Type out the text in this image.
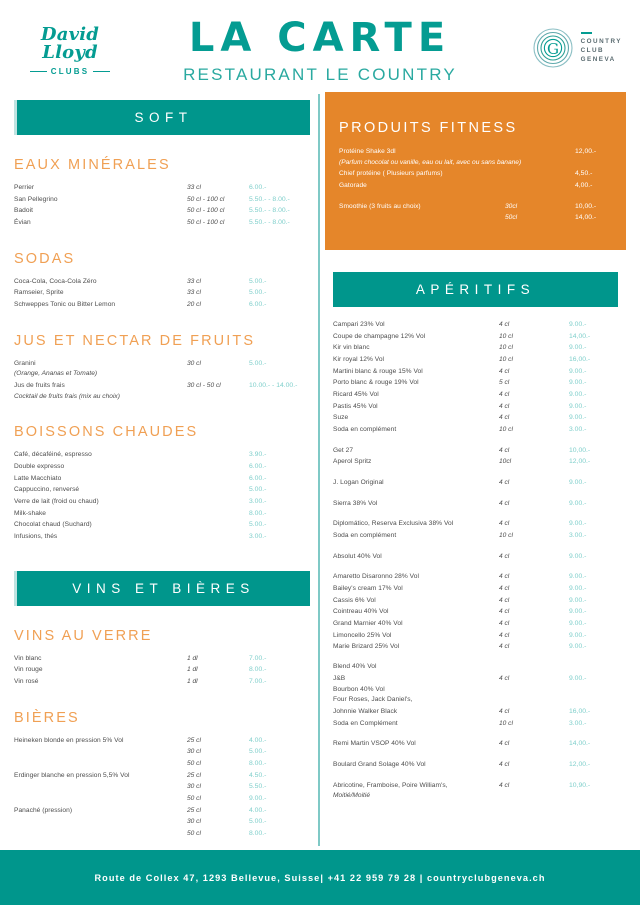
David Lloyd
CLUBS
LA CARTE
RESTAURANT LE COUNTRY
G	COUNTRY
CLUB
GENEVA
SOFT
EAUX MINÉRALES
Perrier	33 cl	6.00.-
San Pellegrino	50 cl - 100 cl	5.50.- - 8.00.-
Badoit	50 cl - 100 cl	5.50.- - 8.00.-
Évian	50 cl - 100 cl	5.50.- - 8.00.-
SODAS
Coca-Cola, Coca-Cola Zéro	33 cl	5.00.-
Ramseier, Sprite	33 cl	5.00.-
Schweppes Tonic ou Bitter Lemon	20 cl	6.00.-
JUS ET NECTAR DE FRUITS
Granini	30 cl	5.00.-
(Orange, Ananas et Tomate)
Jus de fruits frais	30 cl - 50 cl	10.00.- - 14.00.-
Cocktail de fruits frais (mix au choix)
BOISSONS CHAUDES
Café, décaféiné, espresso	3.90.-
Double expresso	6.00.-
Latte Macchiato	6.00.-
Cappuccino, renversé	5.00.-
Verre de lait (froid ou chaud)	3.00.-
Milk-shake	8.00.-
Chocolat chaud (Suchard)	5.00.-
Infusions, thés	3.00.-
VINS ET BIÈRES
VINS AU VERRE
Vin blanc	1 dl	7.00.-
Vin rouge	1 dl	8.00.-
Vin rosé	1 dl	7.00.-
BIÈRES
Heineken blonde en pression 5% Vol	25 cl	4.00.-
30 cl	5.00.-
50 cl	8.00.-
Erdinger blanche en pression 5,5% Vol	25 cl	4.50.-
30 cl	5.50.-
50 cl	9.00.-
Panaché (pression)	25 cl	4.00.-
30 cl	5.00.-
50 cl	8.00.-
PRODUITS FITNESS
Protéine Shake 3dl	12,00.-
(Parfum chocolat ou vanille, eau ou lait, avec ou sans banane)
Chief protéine ( Plusieurs parfums)	4,50.-
Gatorade	4,00.-
Smoothie (3 fruits au choix)	30cl	10,00.-
50cl	14,00.-
APÉRITIFS
Campari 23% Vol	4 cl	9.00.-
Coupe de champagne 12% Vol	10 cl	14,00.-
Kir vin blanc	10 cl	9.00.-
Kir royal 12% Vol	10 cl	16,00.-
Martini blanc & rouge 15% Vol	4 cl	9.00.-
Porto blanc & rouge 19% Vol	5 cl	9.00.-
Ricard 45% Vol	4 cl	9.00.-
Pastis 45% Vol	4 cl	9.00.-
Suze	4 cl	9.00.-
Soda en complément	10 cl	3.00.-
Get 27	4 cl	10,00.-
Aperol Spritz	10cl	12,00.-
J. Logan Original	4 cl	9.00.-
Sierra 38% Vol	4 cl	9.00.-
Diplomático, Reserva Exclusiva 38% Vol	4 cl	9.00.-
Soda en complément	10 cl	3.00.-
Absolut 40% Vol	4 cl	9.00.-
Amaretto Disaronno 28% Vol	4 cl	9.00.-
Bailey's cream 17% Vol	4 cl	9.00.-
Cassis 6% Vol	4 cl	9.00.-
Cointreau 40% Vol	4 cl	9.00.-
Grand Marnier 40% Vol	4 cl	9.00.-
Limoncello 25% Vol	4 cl	9.00.-
Marie Brizard 25% Vol	4 cl	9.00.-
Blend 40% Vol
J&B	4 cl	9.00.-
Bourbon 40% Vol
Four Roses, Jack Daniel's,
Johnnie Walker Black	4 cl	16,00.-
Soda en Complément	10 cl	3.00.-
Remi Martin VSOP 40% Vol	4 cl	14,00.-
Boulard Grand Solage 40% Vol	4 cl	12,00.-
Abricotine, Framboise, Poire William's,	4 cl	10,90.-
Moitié/Moitié
Route de Collex 47, 1293 Bellevue, Suisse| +41 22 959 79 28 | countryclubgeneva.ch
